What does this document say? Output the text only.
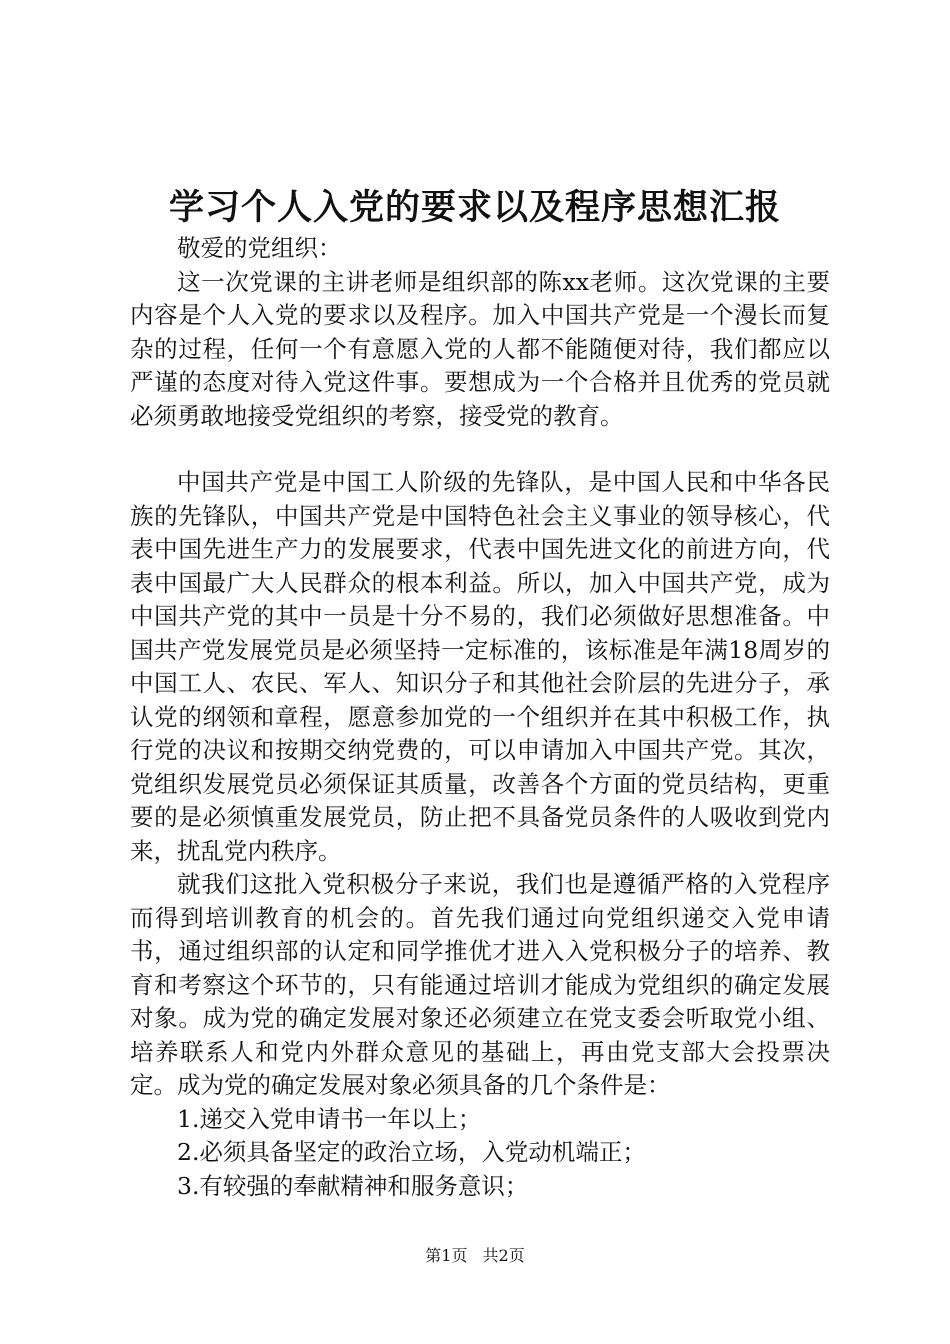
学习个人入党的要求以及程序思想汇报

敬爱的党组织：

这一次党课的主讲老师是组织部的陈xx老师。这次党课的主要内容是个人入党的要求以及程序。加入中国共产党是一个漫长而复杂的过程，任何一个有意愿入党的人都不能随便对待，我们都应以严谨的态度对待入党这件事。要想成为一个合格并且优秀的党员就必须勇敢地接受党组织的考察，接受党的教育。

中国共产党是中国工人阶级的先锋队，是中国人民和中华各民族的先锋队，中国共产党是中国特色社会主义事业的领导核心，代表中国先进生产力的发展要求，代表中国先进文化的前进方向，代表中国最广大人民群众的根本利益。所以，加入中国共产党，成为中国共产党的其中一员是十分不易的，我们必须做好思想准备。中国共产党发展党员是必须坚持一定标准的，该标准是年满18周岁的中国工人、农民、军人、知识分子和其他社会阶层的先进分子，承认党的纲领和章程，愿意参加党的一个组织并在其中积极工作，执行党的决议和按期交纳党费的，可以申请加入中国共产党。其次，党组织发展党员必须保证其质量，改善各个方面的党员结构，更重要的是必须慎重发展党员，防止把不具备党员条件的人吸收到党内来，扰乱党内秩序。

就我们这批入党积极分子来说，我们也是遵循严格的入党程序而得到培训教育的机会的。首先我们通过向党组织递交入党申请书，通过组织部的认定和同学推优才进入入党积极分子的培养、教育和考察这个环节的，只有能通过培训才能成为党组织的确定发展对象。成为党的确定发展对象还必须建立在党支委会听取党小组、培养联系人和党内外群众意见的基础上，再由党支部大会投票决定。成为党的确定发展对象必须具备的几个条件是：

1.递交入党申请书一年以上；

2.必须具备坚定的政治立场，入党动机端正；

3.有较强的奉献精神和服务意识；

第1页 共2页
